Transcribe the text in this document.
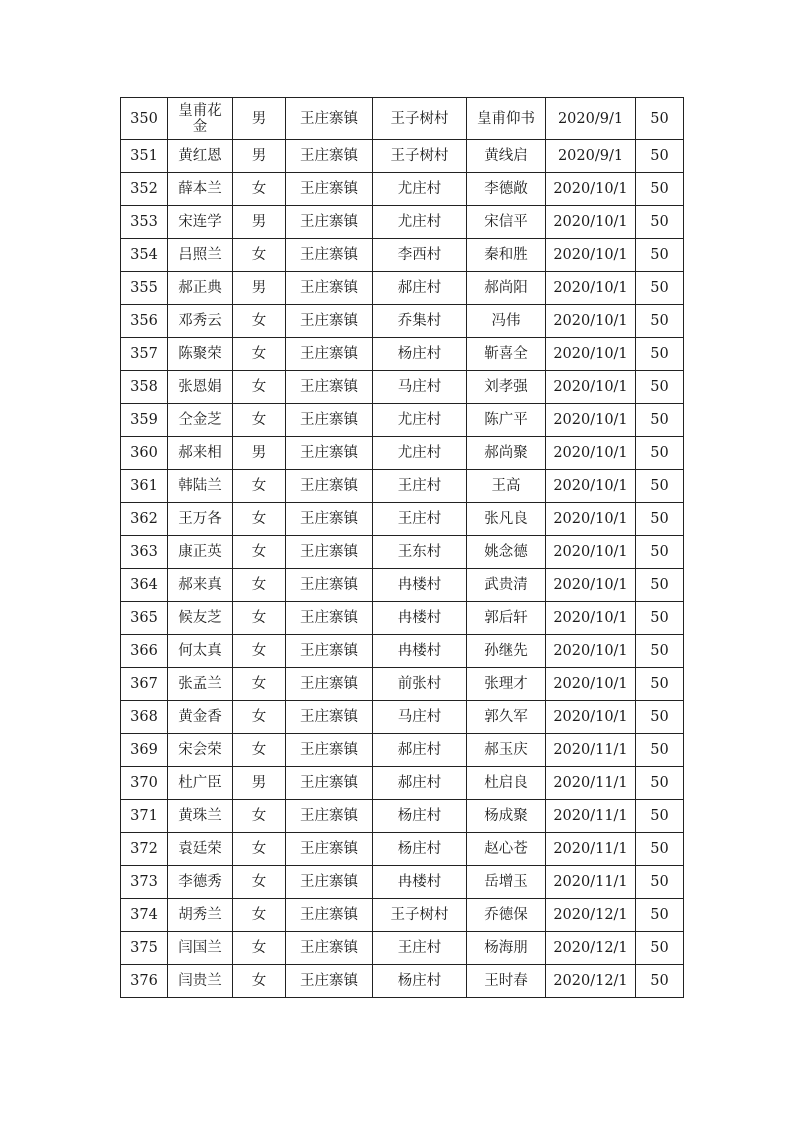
350	皇甫花金	男	王庄寨镇	王子树村	皇甫仰书	2020/9/1	50
351	黄红恩	男	王庄寨镇	王子树村	黄线启	2020/9/1	50
352	薛本兰	女	王庄寨镇	尤庄村	李德敞	2020/10/1	50
353	宋连学	男	王庄寨镇	尤庄村	宋信平	2020/10/1	50
354	吕照兰	女	王庄寨镇	李西村	秦和胜	2020/10/1	50
355	郝正典	男	王庄寨镇	郝庄村	郝尚阳	2020/10/1	50
356	邓秀云	女	王庄寨镇	乔集村	冯伟	2020/10/1	50
357	陈聚荣	女	王庄寨镇	杨庄村	靳喜全	2020/10/1	50
358	张恩娟	女	王庄寨镇	马庄村	刘孝强	2020/10/1	50
359	仝金芝	女	王庄寨镇	尤庄村	陈广平	2020/10/1	50
360	郝来相	男	王庄寨镇	尤庄村	郝尚聚	2020/10/1	50
361	韩陆兰	女	王庄寨镇	王庄村	王高	2020/10/1	50
362	王万各	女	王庄寨镇	王庄村	张凡良	2020/10/1	50
363	康正英	女	王庄寨镇	王东村	姚念德	2020/10/1	50
364	郝来真	女	王庄寨镇	冉楼村	武贵清	2020/10/1	50
365	候友芝	女	王庄寨镇	冉楼村	郭后轩	2020/10/1	50
366	何太真	女	王庄寨镇	冉楼村	孙继先	2020/10/1	50
367	张孟兰	女	王庄寨镇	前张村	张理才	2020/10/1	50
368	黄金香	女	王庄寨镇	马庄村	郭久军	2020/10/1	50
369	宋会荣	女	王庄寨镇	郝庄村	郝玉庆	2020/11/1	50
370	杜广臣	男	王庄寨镇	郝庄村	杜启良	2020/11/1	50
371	黄珠兰	女	王庄寨镇	杨庄村	杨成聚	2020/11/1	50
372	袁廷荣	女	王庄寨镇	杨庄村	赵心苍	2020/11/1	50
373	李德秀	女	王庄寨镇	冉楼村	岳增玉	2020/11/1	50
374	胡秀兰	女	王庄寨镇	王子树村	乔德保	2020/12/1	50
375	闫国兰	女	王庄寨镇	王庄村	杨海朋	2020/12/1	50
376	闫贵兰	女	王庄寨镇	杨庄村	王时春	2020/12/1	50
